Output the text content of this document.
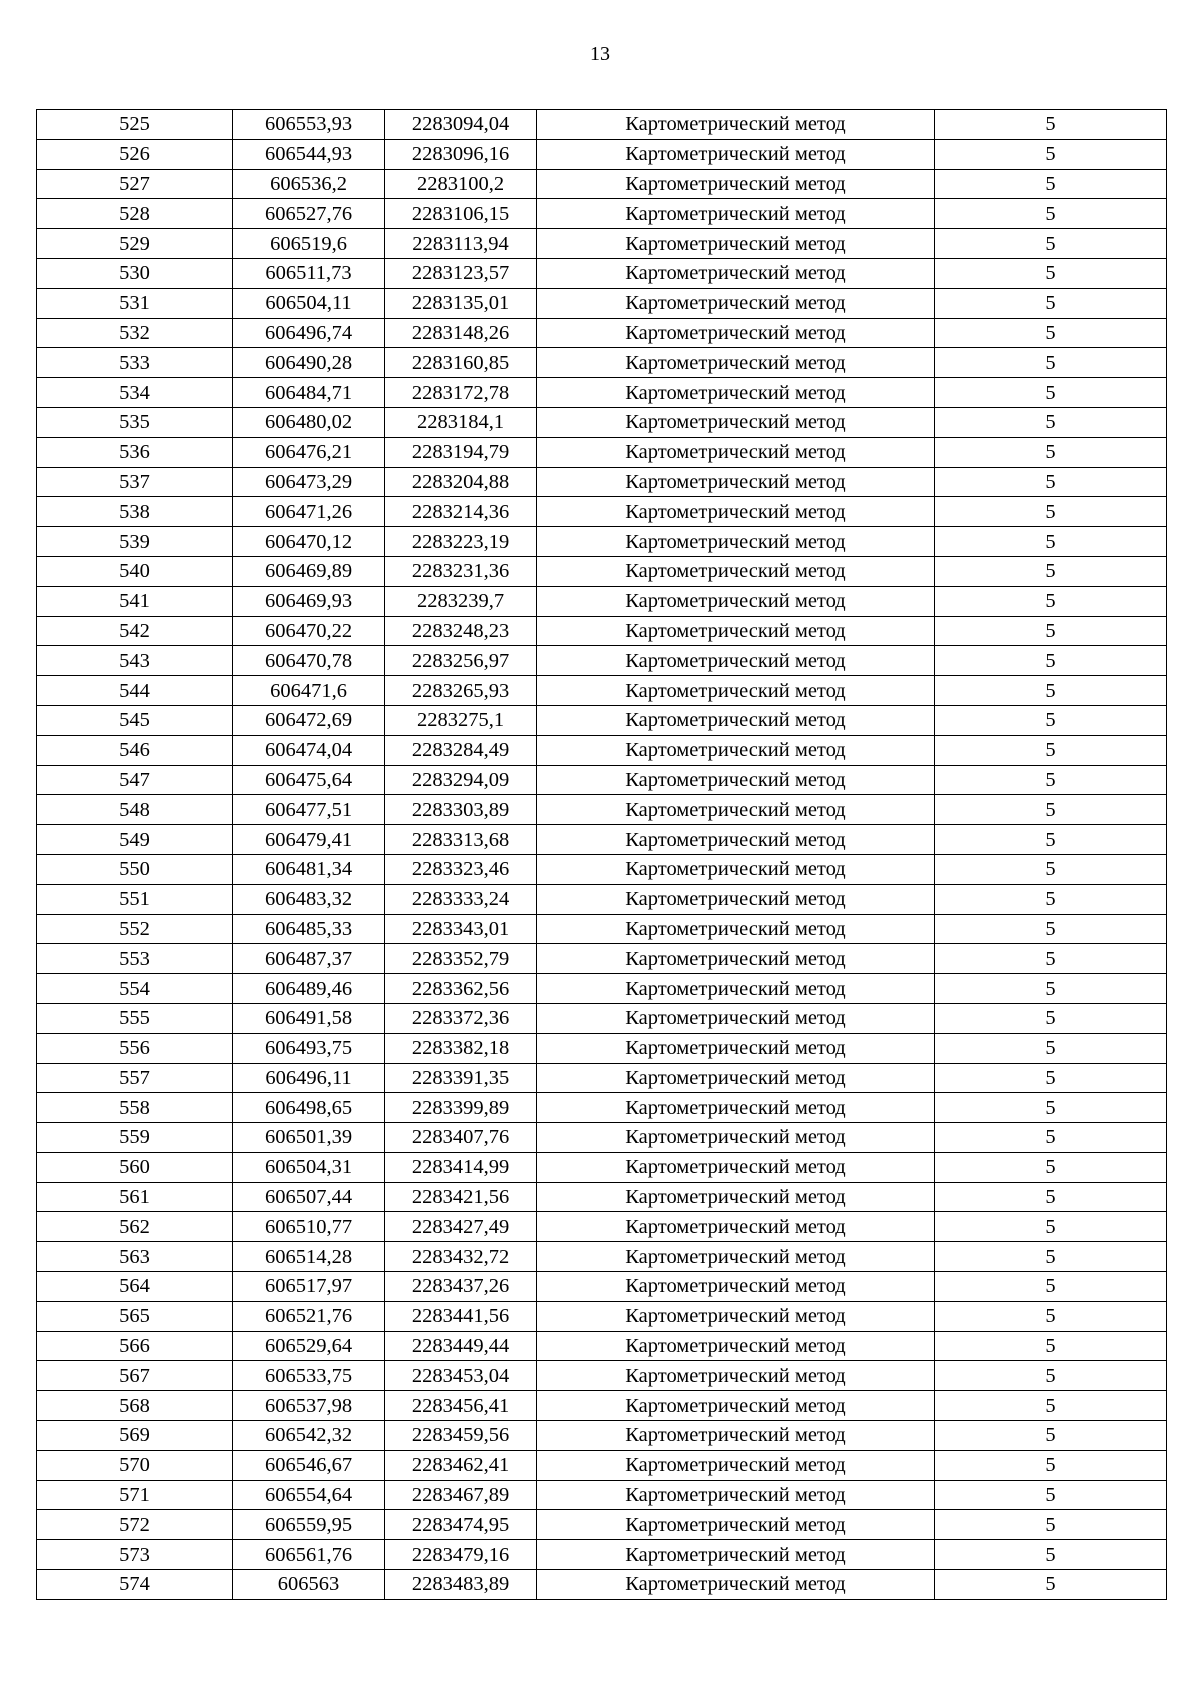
13
525	606553,93	2283094,04	Картометрический метод	5
526	606544,93	2283096,16	Картометрический метод	5
527	606536,2	2283100,2	Картометрический метод	5
528	606527,76	2283106,15	Картометрический метод	5
529	606519,6	2283113,94	Картометрический метод	5
530	606511,73	2283123,57	Картометрический метод	5
531	606504,11	2283135,01	Картометрический метод	5
532	606496,74	2283148,26	Картометрический метод	5
533	606490,28	2283160,85	Картометрический метод	5
534	606484,71	2283172,78	Картометрический метод	5
535	606480,02	2283184,1	Картометрический метод	5
536	606476,21	2283194,79	Картометрический метод	5
537	606473,29	2283204,88	Картометрический метод	5
538	606471,26	2283214,36	Картометрический метод	5
539	606470,12	2283223,19	Картометрический метод	5
540	606469,89	2283231,36	Картометрический метод	5
541	606469,93	2283239,7	Картометрический метод	5
542	606470,22	2283248,23	Картометрический метод	5
543	606470,78	2283256,97	Картометрический метод	5
544	606471,6	2283265,93	Картометрический метод	5
545	606472,69	2283275,1	Картометрический метод	5
546	606474,04	2283284,49	Картометрический метод	5
547	606475,64	2283294,09	Картометрический метод	5
548	606477,51	2283303,89	Картометрический метод	5
549	606479,41	2283313,68	Картометрический метод	5
550	606481,34	2283323,46	Картометрический метод	5
551	606483,32	2283333,24	Картометрический метод	5
552	606485,33	2283343,01	Картометрический метод	5
553	606487,37	2283352,79	Картометрический метод	5
554	606489,46	2283362,56	Картометрический метод	5
555	606491,58	2283372,36	Картометрический метод	5
556	606493,75	2283382,18	Картометрический метод	5
557	606496,11	2283391,35	Картометрический метод	5
558	606498,65	2283399,89	Картометрический метод	5
559	606501,39	2283407,76	Картометрический метод	5
560	606504,31	2283414,99	Картометрический метод	5
561	606507,44	2283421,56	Картометрический метод	5
562	606510,77	2283427,49	Картометрический метод	5
563	606514,28	2283432,72	Картометрический метод	5
564	606517,97	2283437,26	Картометрический метод	5
565	606521,76	2283441,56	Картометрический метод	5
566	606529,64	2283449,44	Картометрический метод	5
567	606533,75	2283453,04	Картометрический метод	5
568	606537,98	2283456,41	Картометрический метод	5
569	606542,32	2283459,56	Картометрический метод	5
570	606546,67	2283462,41	Картометрический метод	5
571	606554,64	2283467,89	Картометрический метод	5
572	606559,95	2283474,95	Картометрический метод	5
573	606561,76	2283479,16	Картометрический метод	5
574	606563	2283483,89	Картометрический метод	5
